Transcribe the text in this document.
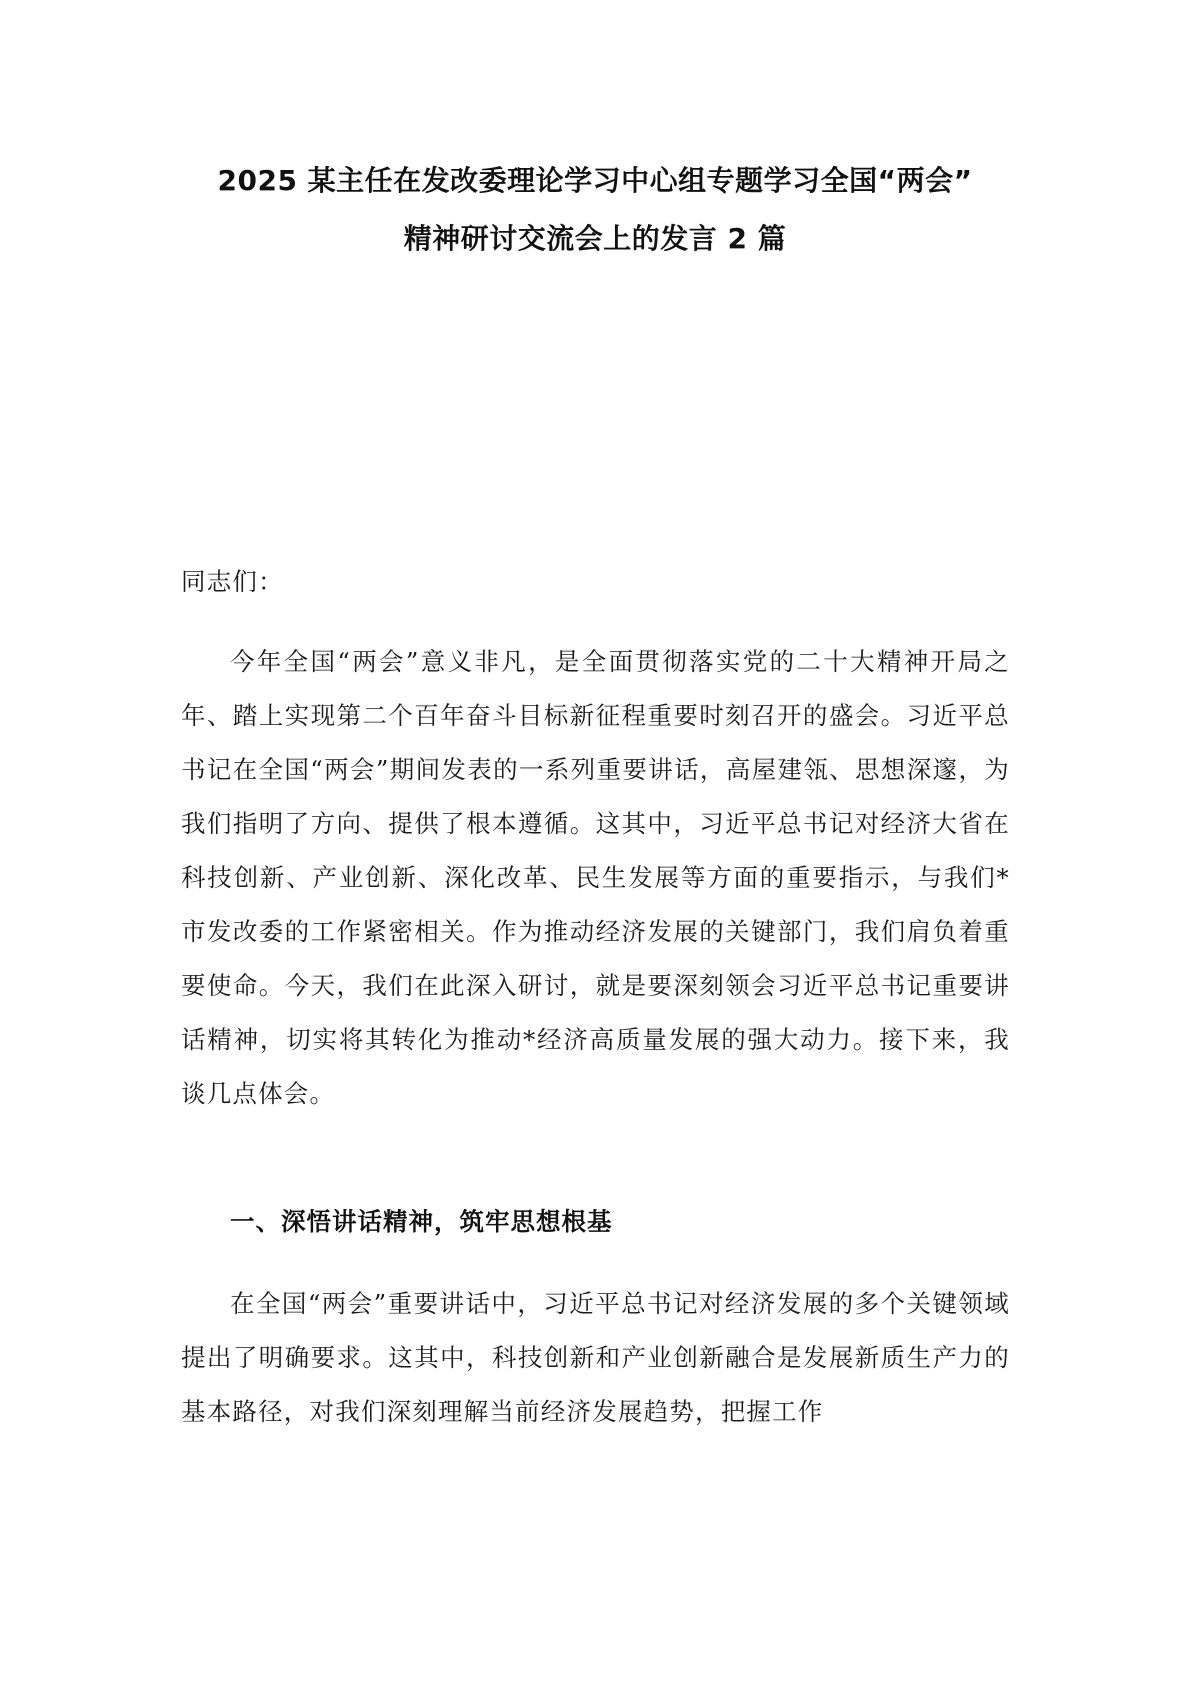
2025 某主任在发改委理论学习中心组专题学习全国“两会”
精神研讨交流会上的发言 2 篇
同志们：
今年全国“两会”意义非凡，是全面贯彻落实党的二十大精神开局之年、踏上实现第二个百年奋斗目标新征程重要时刻召开的盛会。习近平总书记在全国“两会”期间发表的一系列重要讲话，高屋建瓴、思想深邃，为我们指明了方向、提供了根本遵循。这其中，习近平总书记对经济大省在科技创新、产业创新、深化改革、民生发展等方面的重要指示，与我们*市发改委的工作紧密相关。作为推动经济发展的关键部门，我们肩负着重要使命。今天，我们在此深入研讨，就是要深刻领会习近平总书记重要讲话精神，切实将其转化为推动*经济高质量发展的强大动力。接下来，我谈几点体会。
一、深悟讲话精神，筑牢思想根基
在全国“两会”重要讲话中，习近平总书记对经济发展的多个关键领域提出了明确要求。这其中，科技创新和产业创新融合是发展新质生产力的基本路径，对我们深刻理解当前经济发展趋势，把握工作
